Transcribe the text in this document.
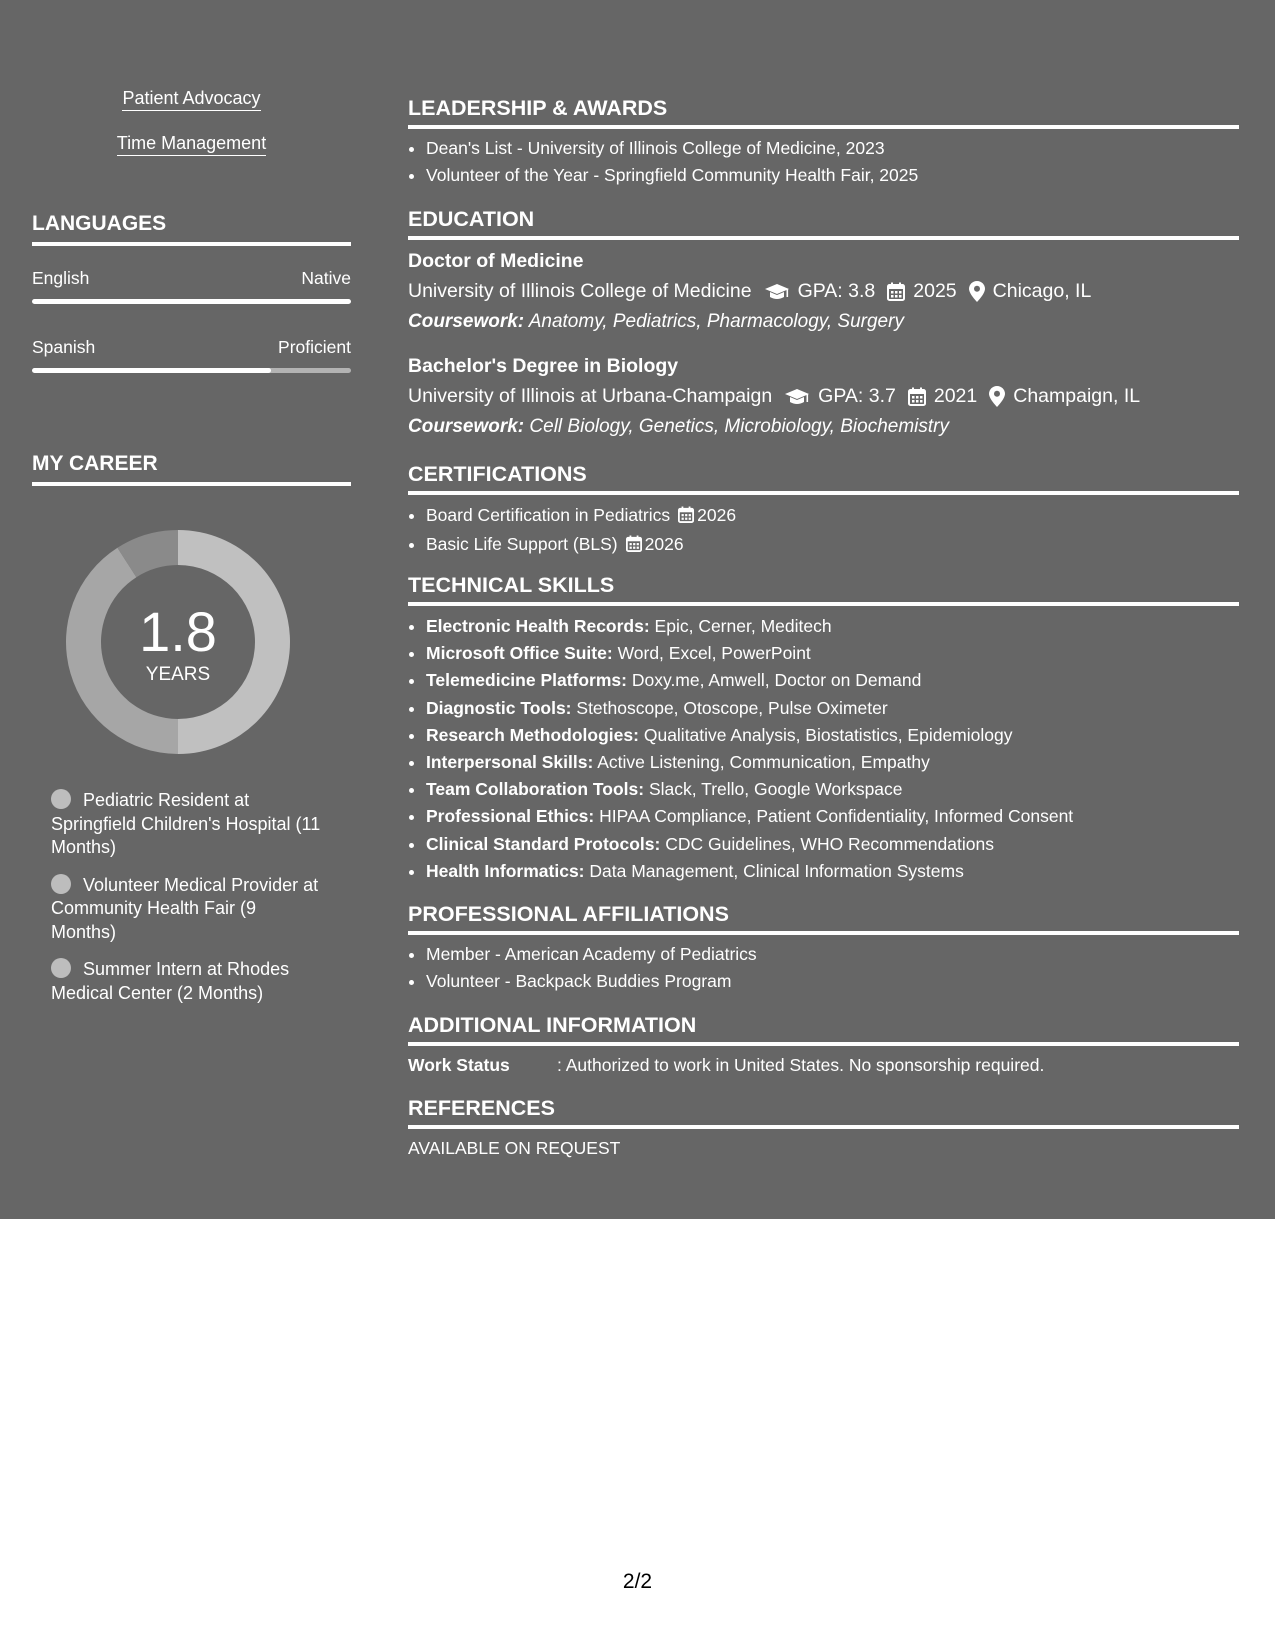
Patient Advocacy
Time Management
LANGUAGES
English	Native
Spanish	Proficient
MY CAREER
1.8
YEARS
Pediatric Resident at Springfield Children's Hospital (11 Months)
Volunteer Medical Provider at Community Health Fair (9 Months)
Summer Intern at Rhodes Medical Center (2 Months)
LEADERSHIP & AWARDS
• Dean's List - University of Illinois College of Medicine, 2023
• Volunteer of the Year - Springfield Community Health Fair, 2025
EDUCATION
Doctor of Medicine
University of Illinois College of Medicine GPA: 3.8 2025 Chicago, IL
Coursework: Anatomy, Pediatrics, Pharmacology, Surgery
Bachelor's Degree in Biology
University of Illinois at Urbana-Champaign GPA: 3.7 2021 Champaign, IL
Coursework: Cell Biology, Genetics, Microbiology, Biochemistry
CERTIFICATIONS
• Board Certification in Pediatrics 2026
• Basic Life Support (BLS) 2026
TECHNICAL SKILLS
• Electronic Health Records: Epic, Cerner, Meditech
• Microsoft Office Suite: Word, Excel, PowerPoint
• Telemedicine Platforms: Doxy.me, Amwell, Doctor on Demand
• Diagnostic Tools: Stethoscope, Otoscope, Pulse Oximeter
• Research Methodologies: Qualitative Analysis, Biostatistics, Epidemiology
• Interpersonal Skills: Active Listening, Communication, Empathy
• Team Collaboration Tools: Slack, Trello, Google Workspace
• Professional Ethics: HIPAA Compliance, Patient Confidentiality, Informed Consent
• Clinical Standard Protocols: CDC Guidelines, WHO Recommendations
• Health Informatics: Data Management, Clinical Information Systems
PROFESSIONAL AFFILIATIONS
• Member - American Academy of Pediatrics
• Volunteer - Backpack Buddies Program
ADDITIONAL INFORMATION
Work Status	: Authorized to work in United States. No sponsorship required.
REFERENCES
AVAILABLE ON REQUEST
2/2
